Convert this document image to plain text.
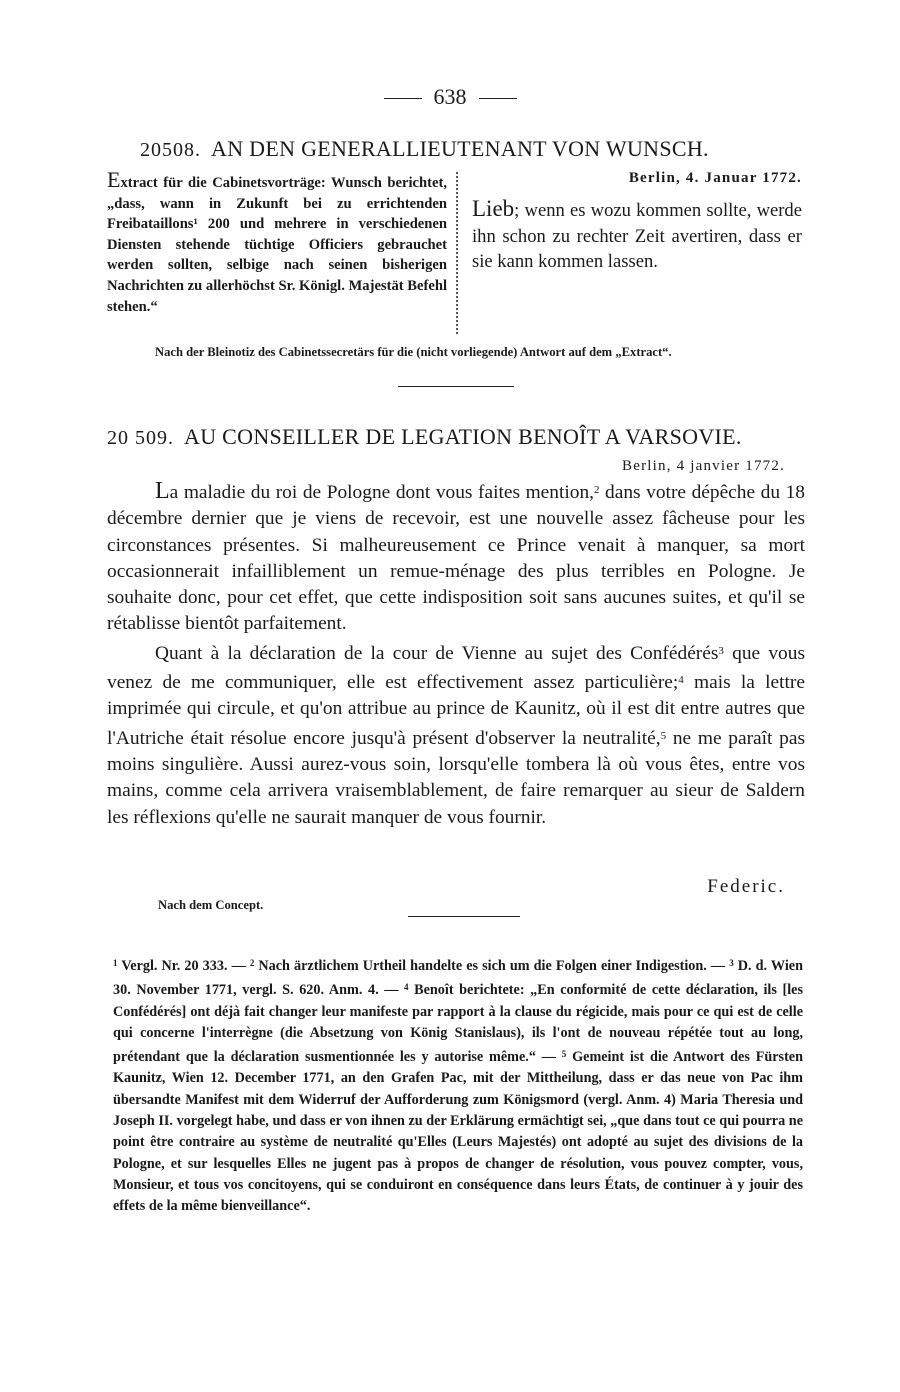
638
20508. AN DEN GENERALLIEUTENANT VON WUNSCH.
Extract für die Cabinetsvorträge: Wunsch berichtet, „dass, wann in Zukunft bei zu errichtenden Freibataillons¹ 200 und mehrere in verschiedenen Diensten stehende tüchtige Officiers gebrauchet werden sollten, selbige nach seinen bisherigen Nachrichten zu allerhöchst Sr. Königl. Majestät Befehl stehen.“
Berlin, 4. Januar 1772.
Lieb; wenn es wozu kommen sollte, werde ihn schon zu rechter Zeit avertiren, dass er sie kann kommen lassen.
Nach der Bleinotiz des Cabinetssecretärs für die (nicht vorliegende) Antwort auf dem „Extract“.
20 509. AU CONSEILLER DE LEGATION BENOÎT A VARSOVIE.
Berlin, 4 janvier 1772.

La maladie du roi de Pologne dont vous faites mention,$^2$ dans votre dépêche du 18 décembre dernier que je viens de recevoir, est une nouvelle assez fâcheuse pour les circonstances présentes. Si malheureusement ce Prince venait à manquer, sa mort occasionnerait infailliblement un remue-ménage des plus terribles en Pologne. Je souhaite donc, pour cet effet, que cette indisposition soit sans aucunes suites, et qu'il se rétablisse bientôt parfaitement.

Quant à la déclaration de la cour de Vienne au sujet des Confédérés$^3$ que vous venez de me communiquer, elle est effectivement assez particulière;$^4$ mais la lettre imprimée qui circule, et qu'on attribue au prince de Kaunitz, où il est dit entre autres que l'Autriche était résolue encore jusqu'à présent d'observer la neutralité,$^5$ ne me paraît pas moins singulière. Aussi aurez-vous soin, lorsqu'elle tombera là où vous êtes, entre vos mains, comme cela arrivera vraisemblablement, de faire remarquer au sieur de Saldern les réflexions qu'elle ne saurait manquer de vous fournir.

Federic.
Nach dem Concept.
$^1$ Vergl. Nr. 20 333. — $^2$ Nach ärztlichem Urtheil handelte es sich um die Folgen einer Indigestion. — $^3$ D. d. Wien 30. November 1771, vergl. S. 620. Anm. 4. — $^4$ Benoît berichtete: „En conformité de cette déclaration, ils [les Confédérés] ont déjà fait changer leur manifeste par rapport à la clause du régicide, mais pour ce qui est de celle qui concerne l'interrègne (die Absetzung von König Stanislaus), ils l'ont de nouveau répétée tout au long, prétendant que la déclaration susmentionnée les y autorise même.“ — $^5$ Gemeint ist die Antwort des Fürsten Kaunitz, Wien 12. December 1771, an den Grafen Pac, mit der Mittheilung, dass er das neue von Pac ihm übersandte Manifest mit dem Widerruf der Aufforderung zum Königsmord (vergl. Anm. 4) Maria Theresia und Joseph II. vorgelegt habe, und dass er von ihnen zu der Erklärung ermächtigt sei, „que dans tout ce qui pourra ne point être contraire au système de neutralité qu'Elles (Leurs Majestés) ont adopté au sujet des divisions de la Pologne, et sur lesquelles Elles ne jugent pas à propos de changer de résolution, vous pouvez compter, vous, Monsieur, et tous vos concitoyens, qui se conduiront en conséquence dans leurs États, de continuer à y jouir des effets de la même bienveillance“.
